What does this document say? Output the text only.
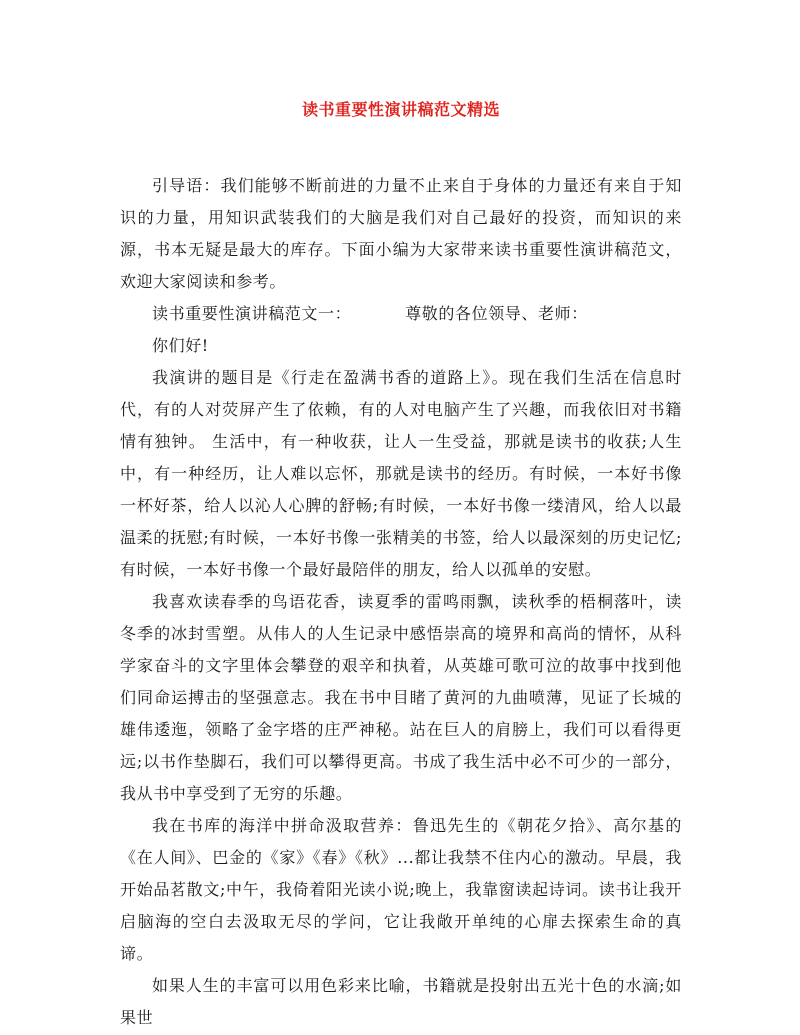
读书重要性演讲稿范文精选

引导语：我们能够不断前进的力量不止来自于身体的力量还有来自于知识的力量，用知识武装我们的大脑是我们对自己最好的投资，而知识的来源，书本无疑是最大的库存。下面小编为大家带来读书重要性演讲稿范文，欢迎大家阅读和参考。

读书重要性演讲稿范文一：	尊敬的各位领导、老师：

你们好!

我演讲的题目是《行走在盈满书香的道路上》。现在我们生活在信息时代，有的人对荧屏产生了依赖，有的人对电脑产生了兴趣，而我依旧对书籍情有独钟。 生活中，有一种收获，让人一生受益，那就是读书的收获;人生中，有一种经历，让人难以忘怀，那就是读书的经历。有时候，一本好书像一杯好茶，给人以沁人心脾的舒畅;有时候，一本好书像一缕清风，给人以最温柔的抚慰;有时候，一本好书像一张精美的书签，给人以最深刻的历史记忆;有时候，一本好书像一个最好最陪伴的朋友，给人以孤单的安慰。

我喜欢读春季的鸟语花香，读夏季的雷鸣雨飘，读秋季的梧桐落叶，读冬季的冰封雪塑。从伟人的人生记录中感悟崇高的境界和高尚的情怀，从科学家奋斗的文字里体会攀登的艰辛和执着，从英雄可歌可泣的故事中找到他们同命运搏击的坚强意志。我在书中目睹了黄河的九曲喷薄，见证了长城的雄伟逶迤，领略了金字塔的庄严神秘。站在巨人的肩膀上，我们可以看得更远;以书作垫脚石，我们可以攀得更高。书成了我生活中必不可少的一部分，我从书中享受到了无穷的乐趣。

我在书库的海洋中拼命汲取营养：鲁迅先生的《朝花夕拾》、高尔基的《在人间》、巴金的《家》《春》《秋》...都让我禁不住内心的激动。早晨，我开始品茗散文;中午，我倚着阳光读小说;晚上，我靠窗读起诗词。读书让我开启脑海的空白去汲取无尽的学问，它让我敞开单纯的心扉去探索生命的真谛。

如果人生的丰富可以用色彩来比喻，书籍就是投射出五光十色的水滴;如果世
